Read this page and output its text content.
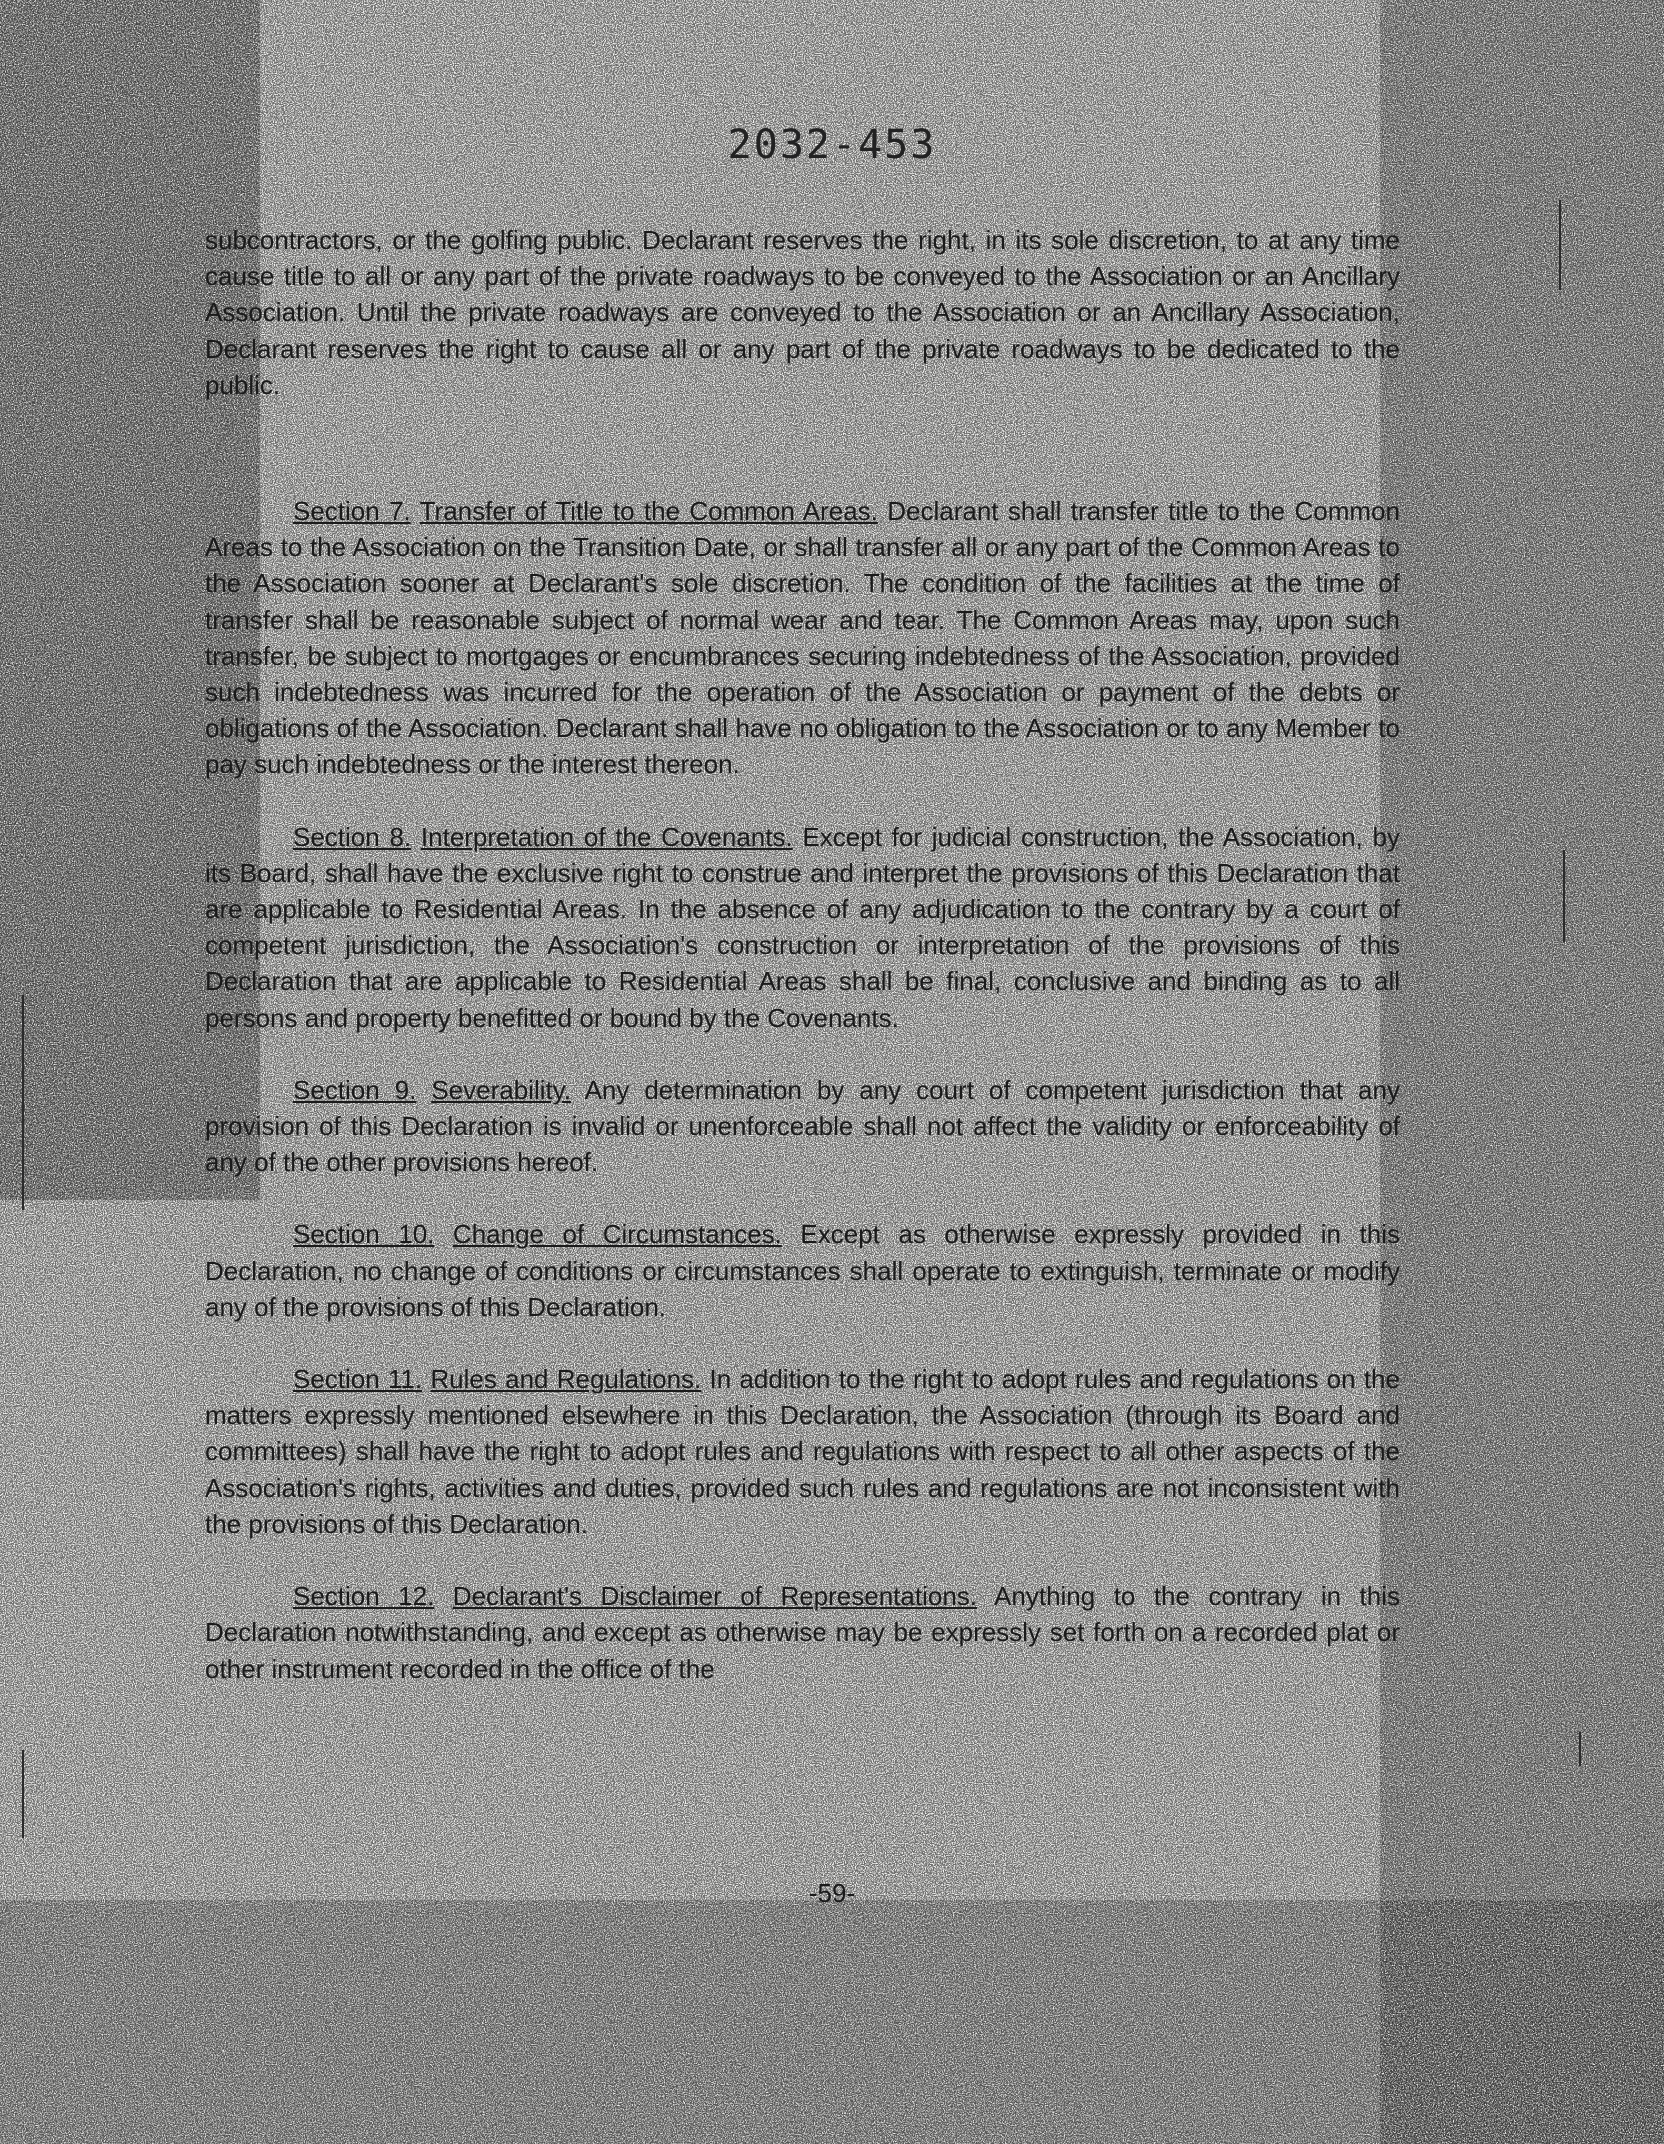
2032-453

subcontractors, or the golfing public. Declarant reserves the right, in its sole discretion, to at any time cause title to all or any part of the private roadways to be conveyed to the Association or an Ancillary Association. Until the private roadways are conveyed to the Association or an Ancillary Association, Declarant reserves the right to cause all or any part of the private roadways to be dedicated to the public.

Section 7. Transfer of Title to the Common Areas. Declarant shall transfer title to the Common Areas to the Association on the Transition Date, or shall transfer all or any part of the Common Areas to the Association sooner at Declarant's sole discretion. The condition of the facilities at the time of transfer shall be reasonable subject of normal wear and tear. The Common Areas may, upon such transfer, be subject to mortgages or encumbrances securing indebtedness of the Association, provided such indebtedness was incurred for the operation of the Association or payment of the debts or obligations of the Association. Declarant shall have no obligation to the Association or to any Member to pay such indebtedness or the interest thereon.

Section 8. Interpretation of the Covenants. Except for judicial construction, the Association, by its Board, shall have the exclusive right to construe and interpret the provisions of this Declaration that are applicable to Residential Areas. In the absence of any adjudication to the contrary by a court of competent jurisdiction, the Association's construction or interpretation of the provisions of this Declaration that are applicable to Residential Areas shall be final, conclusive and binding as to all persons and property benefitted or bound by the Covenants.

Section 9. Severability. Any determination by any court of competent jurisdiction that any provision of this Declaration is invalid or unenforceable shall not affect the validity or enforceability of any of the other provisions hereof.

Section 10. Change of Circumstances. Except as otherwise expressly provided in this Declaration, no change of conditions or circumstances shall operate to extinguish, terminate or modify any of the provisions of this Declaration.

Section 11. Rules and Regulations. In addition to the right to adopt rules and regulations on the matters expressly mentioned elsewhere in this Declaration, the Association (through its Board and committees) shall have the right to adopt rules and regulations with respect to all other aspects of the Association's rights, activities and duties, provided such rules and regulations are not inconsistent with the provisions of this Declaration.

Section 12. Declarant's Disclaimer of Representations. Anything to the contrary in this Declaration notwithstanding, and except as otherwise may be expressly set forth on a recorded plat or other instrument recorded in the office of the

-59-
